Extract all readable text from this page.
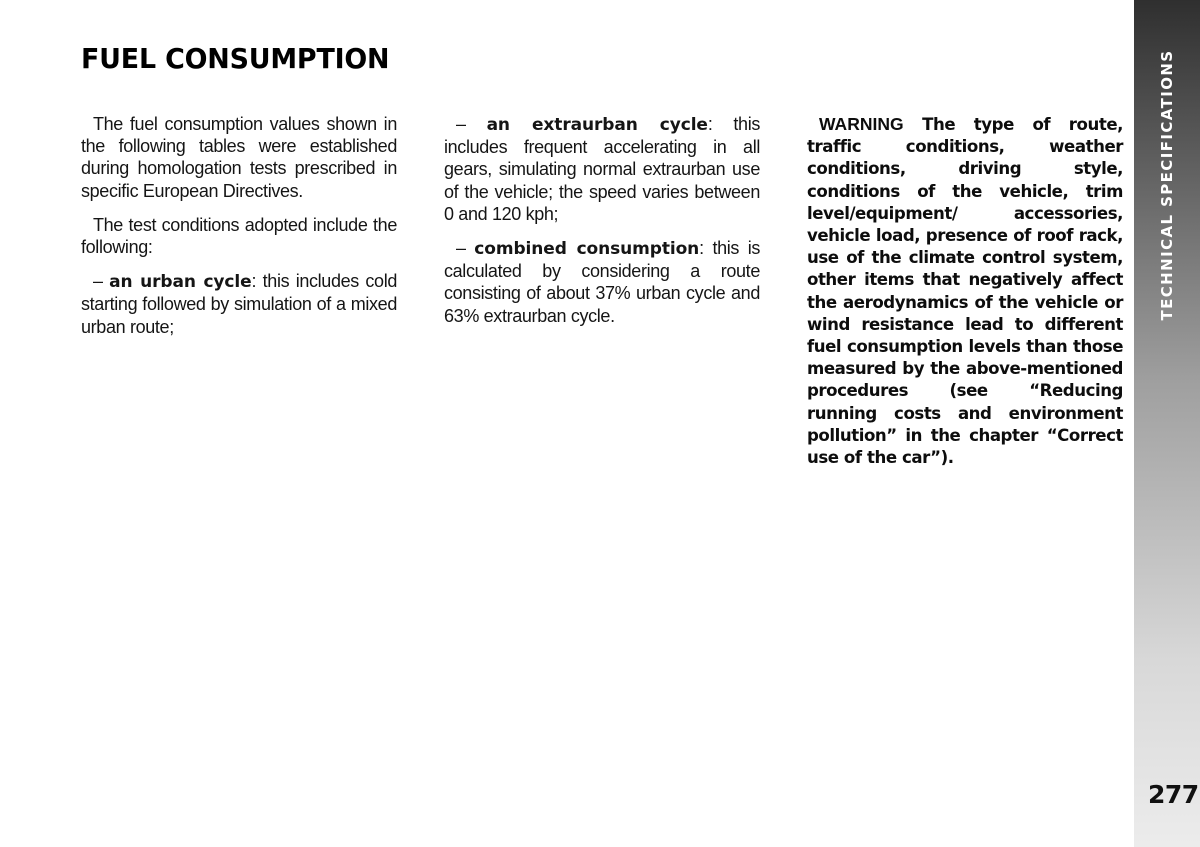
FUEL CONSUMPTION

The fuel consumption values shown in the following tables were established during homologation tests prescribed in specific European Directives.

The test conditions adopted include the following:

– an urban cycle: this includes cold starting followed by simulation of a mixed urban route;

– an extraurban cycle: this includes frequent accelerating in all gears, simulating normal extraurban use of the vehicle; the speed varies between 0 and 120 kph;

– combined consumption: this is calculated by considering a route consisting of about 37% urban cycle and 63% extraurban cycle.

WARNING The type of route, traffic conditions, weather conditions, driving style, conditions of the vehicle, trim level/equipment/ accessories, vehicle load, presence of roof rack, use of the climate control system, other items that negatively affect the aerodynamics of the vehicle or wind resistance lead to different fuel consumption levels than those measured by the above-mentioned procedures (see “Reducing running costs and environment pollution” in the chapter “Correct use of the car”).

TECHNICAL SPECIFICATIONS
277
